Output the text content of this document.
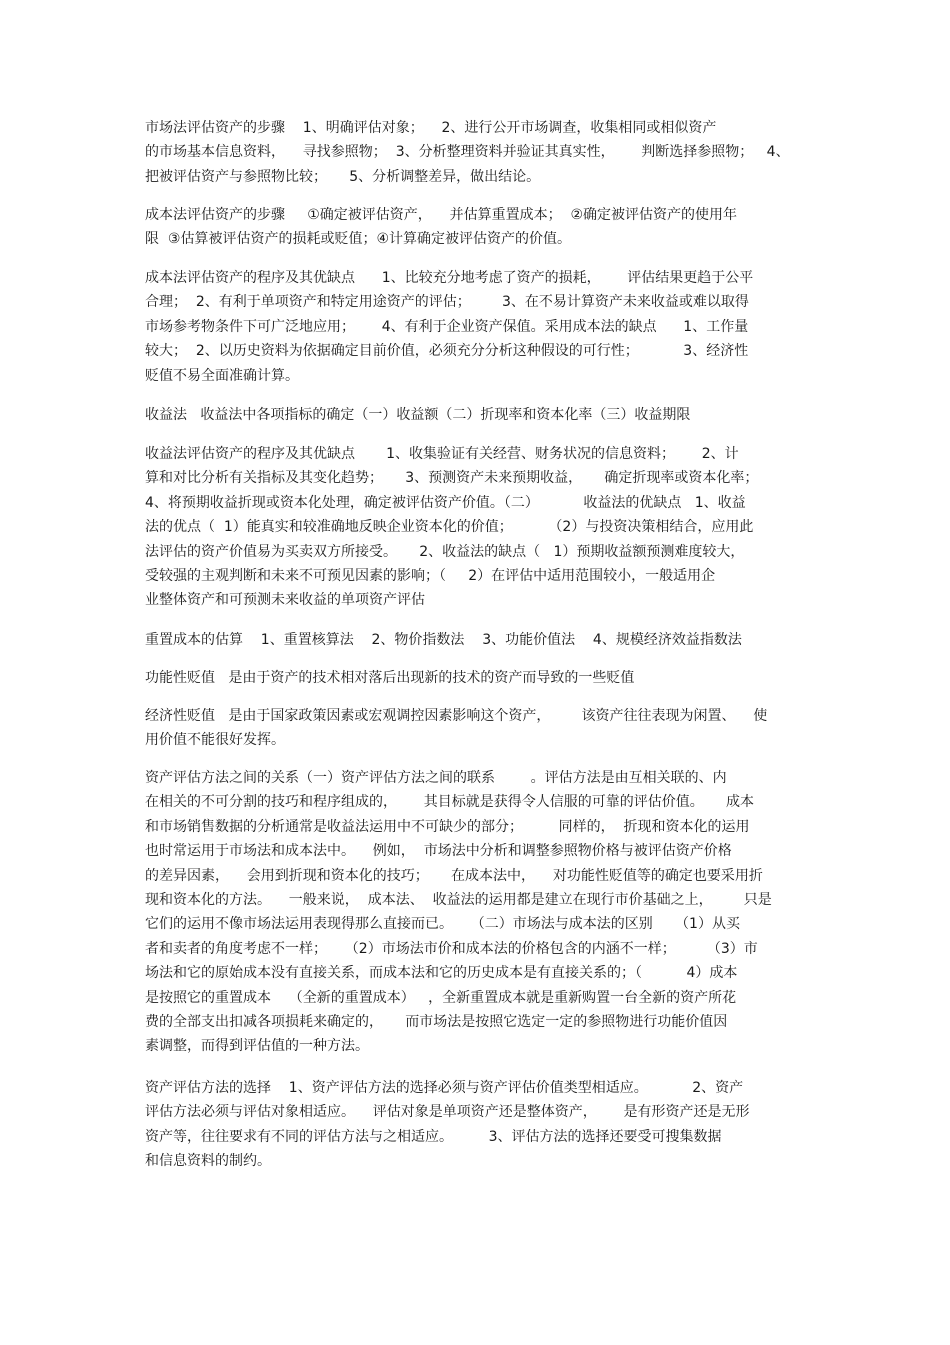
市场法评估资产的步骤    1、明确评估对象；    2、进行公开市场调查，收集相同或相似资产
的市场基本信息资料，    寻找参照物；  3、分析整理资料并验证其真实性，      判断选择参照物；   4、
把被评估资产与参照物比较；     5、分析调整差异，做出结论。
成本法评估资产的步骤     ①确定被评估资产，    并估算重置成本；  ②确定被评估资产的使用年
限  ③估算被评估资产的损耗或贬值；④计算确定被评估资产的价值。
成本法评估资产的程序及其优缺点      1、比较充分地考虑了资产的损耗，      评估结果更趋于公平
合理；  2、有利于单项资产和特定用途资产的评估；       3、在不易计算资产未来收益或难以取得
市场参考物条件下可广泛地应用；      4、有利于企业资产保值。采用成本法的缺点      1、工作量
较大；  2、以历史资料为依据确定目前价值，必须充分分析这种假设的可行性；          3、经济性
贬值不易全面准确计算。
收益法   收益法中各项指标的确定（一）收益额（二）折现率和资本化率（三）收益期限
收益法评估资产的程序及其优缺点       1、收集验证有关经营、财务状况的信息资料；      2、计
算和对比分析有关指标及其变化趋势；     3、预测资产未来预期收益，     确定折现率或资本化率；
4、将预期收益折现或资本化处理，确定被评估资产价值。（二）          收益法的优缺点   1、收益
法的优点（  1）能真实和较准确地反映企业资本化的价值；        （2）与投资决策相结合，应用此
法评估的资产价值易为买卖双方所接受。     2、收益法的缺点（   1）预期收益额预测难度较大，
受较强的主观判断和未来不可预见因素的影响；（     2）在评估中适用范围较小，一般适用企
业整体资产和可预测未来收益的单项资产评估
重置成本的估算    1、重置核算法    2、物价指数法    3、功能价值法    4、规模经济效益指数法
功能性贬值   是由于资产的技术相对落后出现新的技术的资产而导致的一些贬值
经济性贬值   是由于国家政策因素或宏观调控因素影响这个资产，       该资产往往表现为闲置、    使
用价值不能很好发挥。
资产评估方法之间的关系（一）资产评估方法之间的联系        。评估方法是由互相关联的、内
在相关的不可分割的技巧和程序组成的，      其目标就是获得令人信服的可靠的评估价值。     成本
和市场销售数据的分析通常是收益法运用中不可缺少的部分；        同样的，  折现和资本化的运用
也时常运用于市场法和成本法中。    例如，  市场法中分析和调整参照物价格与被评估资产价格
的差异因素，    会用到折现和资本化的技巧；     在成本法中，    对功能性贬值等的确定也要采用折
现和资本化的方法。    一般来说，  成本法、  收益法的运用都是建立在现行市价基础之上，       只是
它们的运用不像市场法运用表现得那么直接而已。    （二）市场法与成本法的区别     （1）从买
者和卖者的角度考虑不一样；    （2）市场法市价和成本法的价格包含的内涵不一样；       （3）市
场法和它的原始成本没有直接关系，而成本法和它的历史成本是有直接关系的；（          4）成本
是按照它的重置成本    （全新的重置成本）   ，全新重置成本就是重新购置一台全新的资产所花
费的全部支出扣减各项损耗来确定的，     而市场法是按照它选定一定的参照物进行功能价值因
素调整，而得到评估值的一种方法。
资产评估方法的选择    1、资产评估方法的选择必须与资产评估价值类型相适应。          2、资产
评估方法必须与评估对象相适应。    评估对象是单项资产还是整体资产，      是有形资产还是无形
资产等，往往要求有不同的评估方法与之相适应。        3、评估方法的选择还要受可搜集数据
和信息资料的制约。
